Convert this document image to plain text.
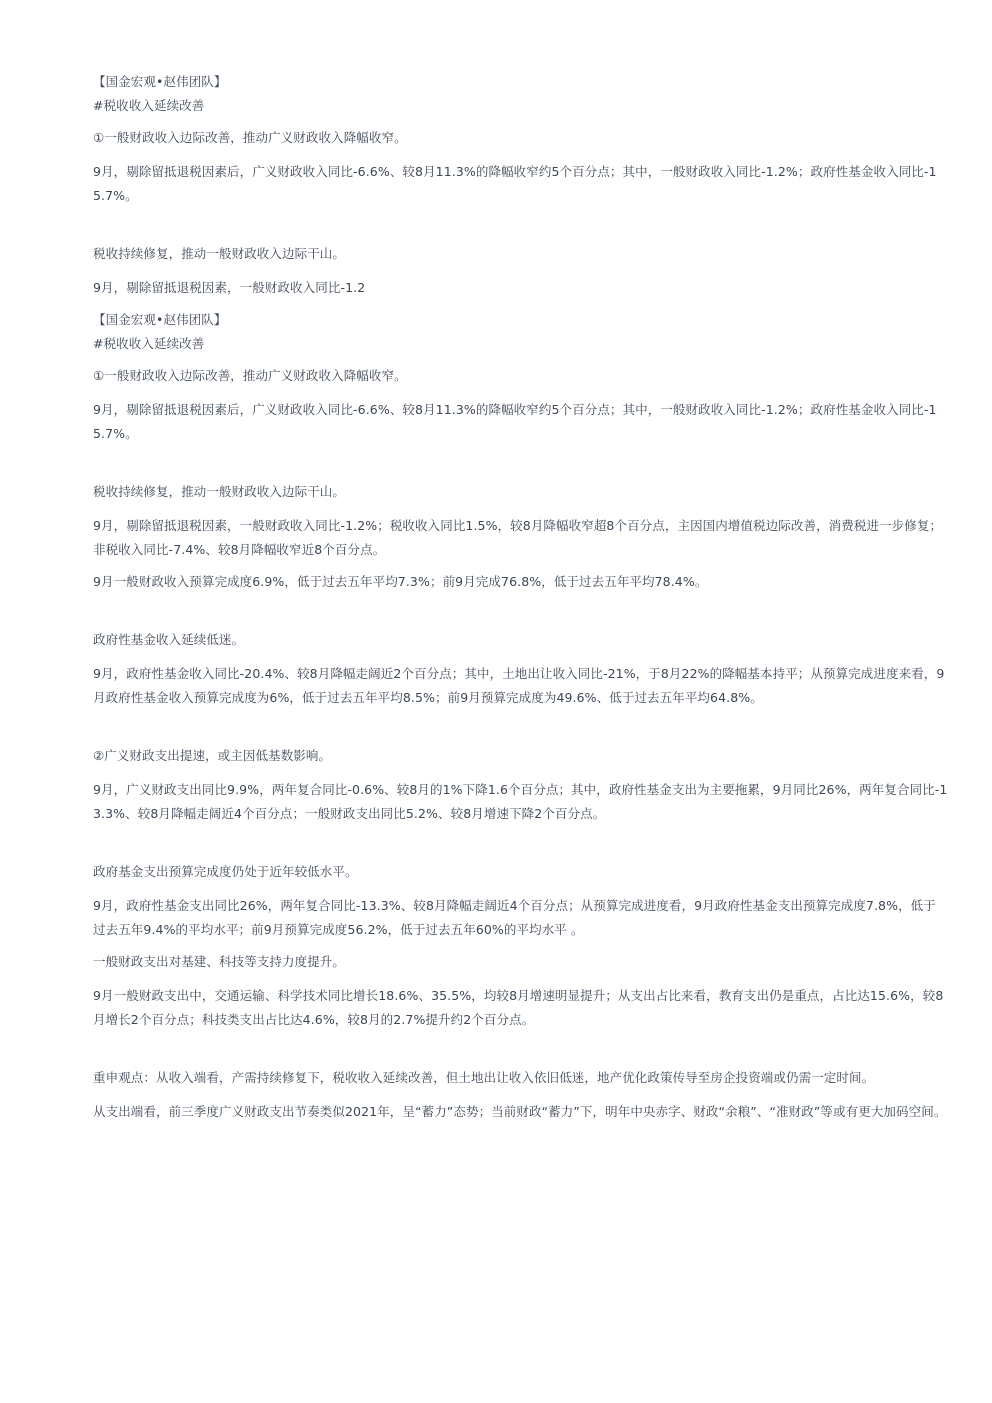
【国金宏观•赵伟团队】

#税收收入延续改善

①一般财政收入边际改善，推动广义财政收入降幅收窄。

9月，剔除留抵退税因素后，广义财政收入同比-6.6%、较8月11.3%的降幅收窄约5个百分点；其中，一般财政收入同比-1.2%；政府性基金收入同比-15.7%。

税收持续修复，推动一般财政收入边际干山。

9月，剔除留抵退税因素，一般财政收入同比-1.2

【国金宏观•赵伟团队】

#税收收入延续改善

①一般财政收入边际改善，推动广义财政收入降幅收窄。

9月，剔除留抵退税因素后，广义财政收入同比-6.6%、较8月11.3%的降幅收窄约5个百分点；其中，一般财政收入同比-1.2%；政府性基金收入同比-15.7%。

税收持续修复，推动一般财政收入边际干山。

9月，剔除留抵退税因素，一般财政收入同比-1.2%；税收收入同比1.5%，较8月降幅收窄超8个百分点，主因国内增值税边际改善，消费税进一步修复；非税收入同比-7.4%、较8月降幅收窄近8个百分点。

9月一般财政收入预算完成度6.9%，低于过去五年平均7.3%；前9月完成76.8%，低于过去五年平均78.4%。

政府性基金收入延续低迷。

9月，政府性基金收入同比-20.4%、较8月降幅走阔近2个百分点；其中，土地出让收入同比-21%，于8月22%的降幅基本持平；从预算完成进度来看，9月政府性基金收入预算完成度为6%，低于过去五年平均8.5%；前9月预算完成度为49.6%、低于过去五年平均64.8%。

②广义财政支出提速，或主因低基数影响。

9月，广义财政支出同比9.9%，两年复合同比-0.6%、较8月的1%下降1.6个百分点；其中，政府性基金支出为主要拖累，9月同比26%，两年复合同比-13.3%、较8月降幅走阔近4个百分点；一般财政支出同比5.2%、较8月增速下降2个百分点。

政府基金支出预算完成度仍处于近年较低水平。

9月，政府性基金支出同比26%，两年复合同比-13.3%、较8月降幅走阔近4个百分点；从预算完成进度看，9月政府性基金支出预算完成度7.8%，低于过去五年9.4%的平均水平；前9月预算完成度56.2%，低于过去五年60%的平均水平 。

一般财政支出对基建、科技等支持力度提升。

9月一般财政支出中，交通运输、科学技术同比增长18.6%、35.5%，均较8月增速明显提升；从支出占比来看，教育支出仍是重点，占比达15.6%，较8月增长2个百分点；科技类支出占比达4.6%，较8月的2.7%提升约2个百分点。

重申观点：从收入端看，产需持续修复下，税收收入延续改善，但土地出让收入依旧低迷，地产优化政策传导至房企投资端或仍需一定时间。

从支出端看，前三季度广义财政支出节奏类似2021年，呈“蓄力”态势；当前财政“蓄力”下，明年中央赤字、财政“余粮”、“准财政”等或有更大加码空间。
